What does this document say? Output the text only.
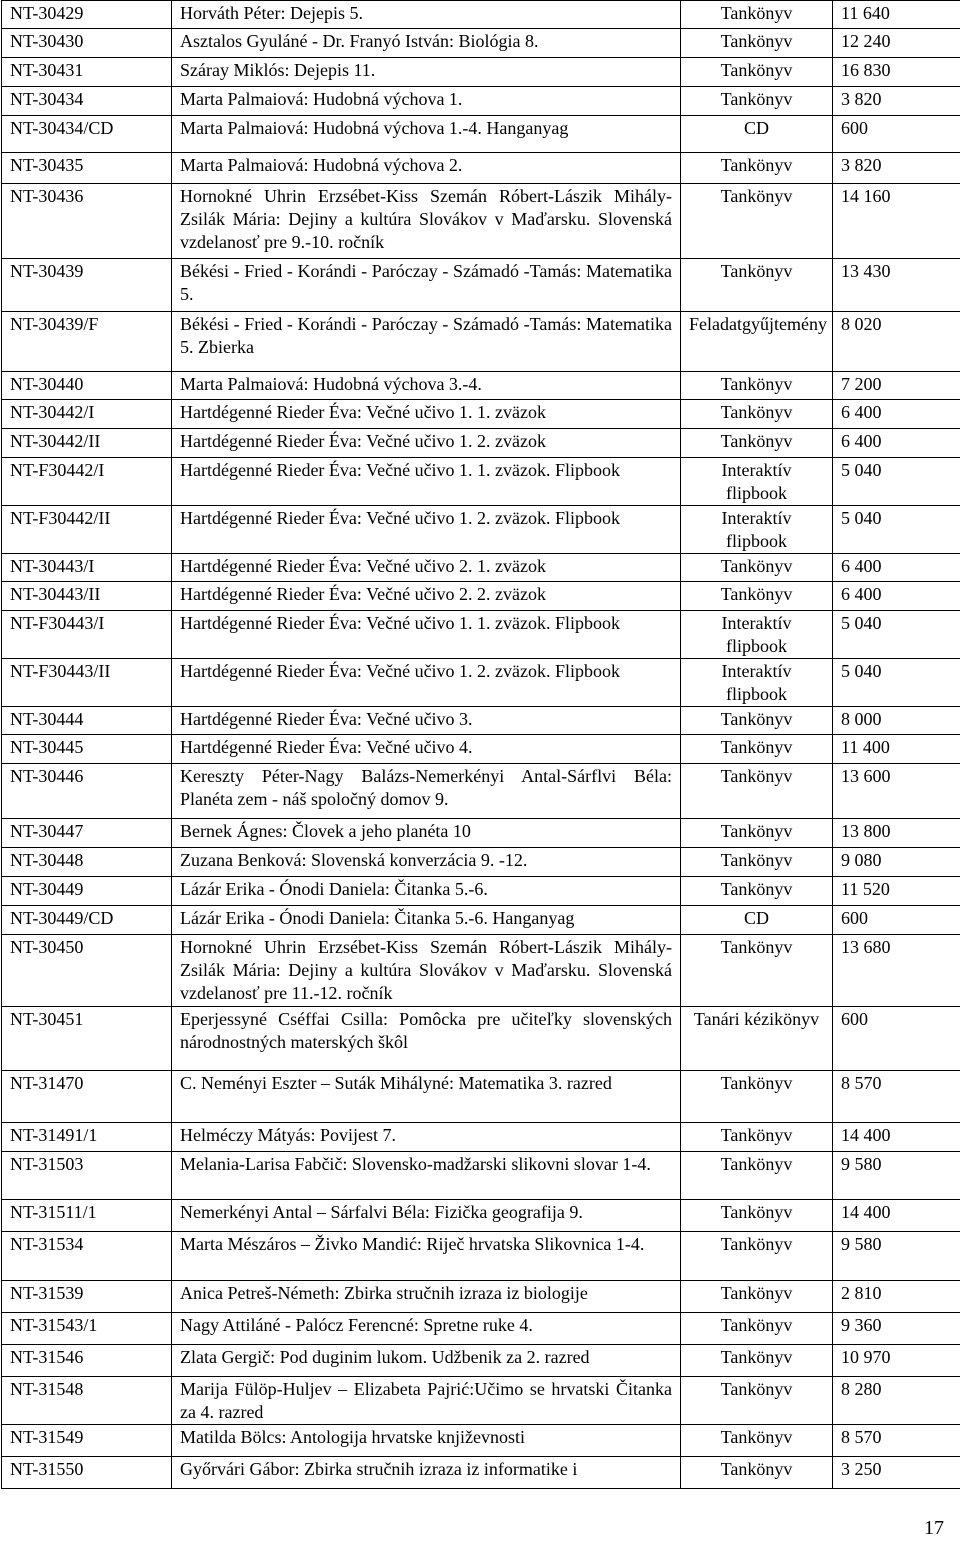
NT-30429	Horváth Péter: Dejepis 5.	Tankönyv	11 640
NT-30430	Asztalos Gyuláné - Dr. Franyó István: Biológia 8.	Tankönyv	12 240
NT-30431	Száray Miklós: Dejepis 11.	Tankönyv	16 830
NT-30434	Marta Palmaiová: Hudobná výchova 1.	Tankönyv	3 820
NT-30434/CD	Marta Palmaiová: Hudobná výchova 1.-4. Hanganyag	CD	600
NT-30435	Marta Palmaiová: Hudobná výchova 2.	Tankönyv	3 820
NT-30436	Hornokné Uhrin Erzsébet-Kiss Szemán Róbert-Lászik Mihály-Zsilák Mária: Dejiny a kultúra Slovákov v Maďarsku. Slovenská vzdelanosť pre 9.-10. ročník	Tankönyv	14 160
NT-30439	Békési - Fried - Korándi - Paróczay - Számadó -Tamás: Matematika 5.	Tankönyv	13 430
NT-30439/F	Békési - Fried - Korándi - Paróczay - Számadó -Tamás: Matematika 5. Zbierka	Feladatgyűjtemény	8 020
NT-30440	Marta Palmaiová: Hudobná výchova 3.-4.	Tankönyv	7 200
NT-30442/I	Hartdégenné Rieder Éva: Večné učivo 1. 1. zväzok	Tankönyv	6 400
NT-30442/II	Hartdégenné Rieder Éva: Večné učivo 1. 2. zväzok	Tankönyv	6 400
NT-F30442/I	Hartdégenné Rieder Éva: Večné učivo 1. 1. zväzok. Flipbook	Interaktív flipbook	5 040
NT-F30442/II	Hartdégenné Rieder Éva: Večné učivo 1. 2. zväzok. Flipbook	Interaktív flipbook	5 040
NT-30443/I	Hartdégenné Rieder Éva: Večné učivo 2. 1. zväzok	Tankönyv	6 400
NT-30443/II	Hartdégenné Rieder Éva: Večné učivo 2. 2. zväzok	Tankönyv	6 400
NT-F30443/I	Hartdégenné Rieder Éva: Večné učivo 1. 1. zväzok. Flipbook	Interaktív flipbook	5 040
NT-F30443/II	Hartdégenné Rieder Éva: Večné učivo 1. 2. zväzok. Flipbook	Interaktív flipbook	5 040
NT-30444	Hartdégenné Rieder Éva: Večné učivo 3.	Tankönyv	8 000
NT-30445	Hartdégenné Rieder Éva: Večné učivo 4.	Tankönyv	11 400
NT-30446	Kereszty Péter-Nagy Balázs-Nemerkényi Antal-Sárflvi Béla: Planéta zem - náš spoločný domov 9.	Tankönyv	13 600
NT-30447	Bernek Ágnes: Človek a jeho planéta 10	Tankönyv	13 800
NT-30448	Zuzana Benková: Slovenská konverzácia 9. -12.	Tankönyv	9 080
NT-30449	Lázár Erika - Ónodi Daniela: Čitanka 5.-6.	Tankönyv	11 520
NT-30449/CD	Lázár Erika - Ónodi Daniela: Čitanka 5.-6. Hanganyag	CD	600
NT-30450	Hornokné Uhrin Erzsébet-Kiss Szemán Róbert-Lászik Mihály-Zsilák Mária: Dejiny a kultúra Slovákov v Maďarsku. Slovenská vzdelanosť pre 11.-12. ročník	Tankönyv	13 680
NT-30451	Eperjessyné Cséffai Csilla: Pomôcka pre učiteľky slovenských národnostných materských škôl	Tanári kézikönyv	600
NT-31470	C. Neményi Eszter – Suták Mihályné: Matematika 3. razred	Tankönyv	8 570
NT-31491/1	Helméczy Mátyás: Povijest 7.	Tankönyv	14 400
NT-31503	Melania-Larisa Fabčič: Slovensko-madžarski slikovni slovar 1-4.	Tankönyv	9 580
NT-31511/1	Nemerkényi Antal – Sárfalvi Béla: Fizička geografija 9.	Tankönyv	14 400
NT-31534	Marta Mészáros – Živko Mandić: Riječ hrvatska Slikovnica 1-4.	Tankönyv	9 580
NT-31539	Anica Petreš-Németh: Zbirka stručnih izraza iz biologije	Tankönyv	2 810
NT-31543/1	Nagy Attiláné - Palócz Ferencné: Spretne ruke 4.	Tankönyv	9 360
NT-31546	Zlata Gergič: Pod duginim lukom. Udžbenik za 2. razred	Tankönyv	10 970
NT-31548	Marija Fülöp-Huljev – Elizabeta Pajrić:Učimo se hrvatski Čitanka za 4. razred	Tankönyv	8 280
NT-31549	Matilda Bölcs: Antologija hrvatske književnosti	Tankönyv	8 570
NT-31550	Győrvári Gábor: Zbirka stručnih izraza iz informatike i	Tankönyv	3 250
17
